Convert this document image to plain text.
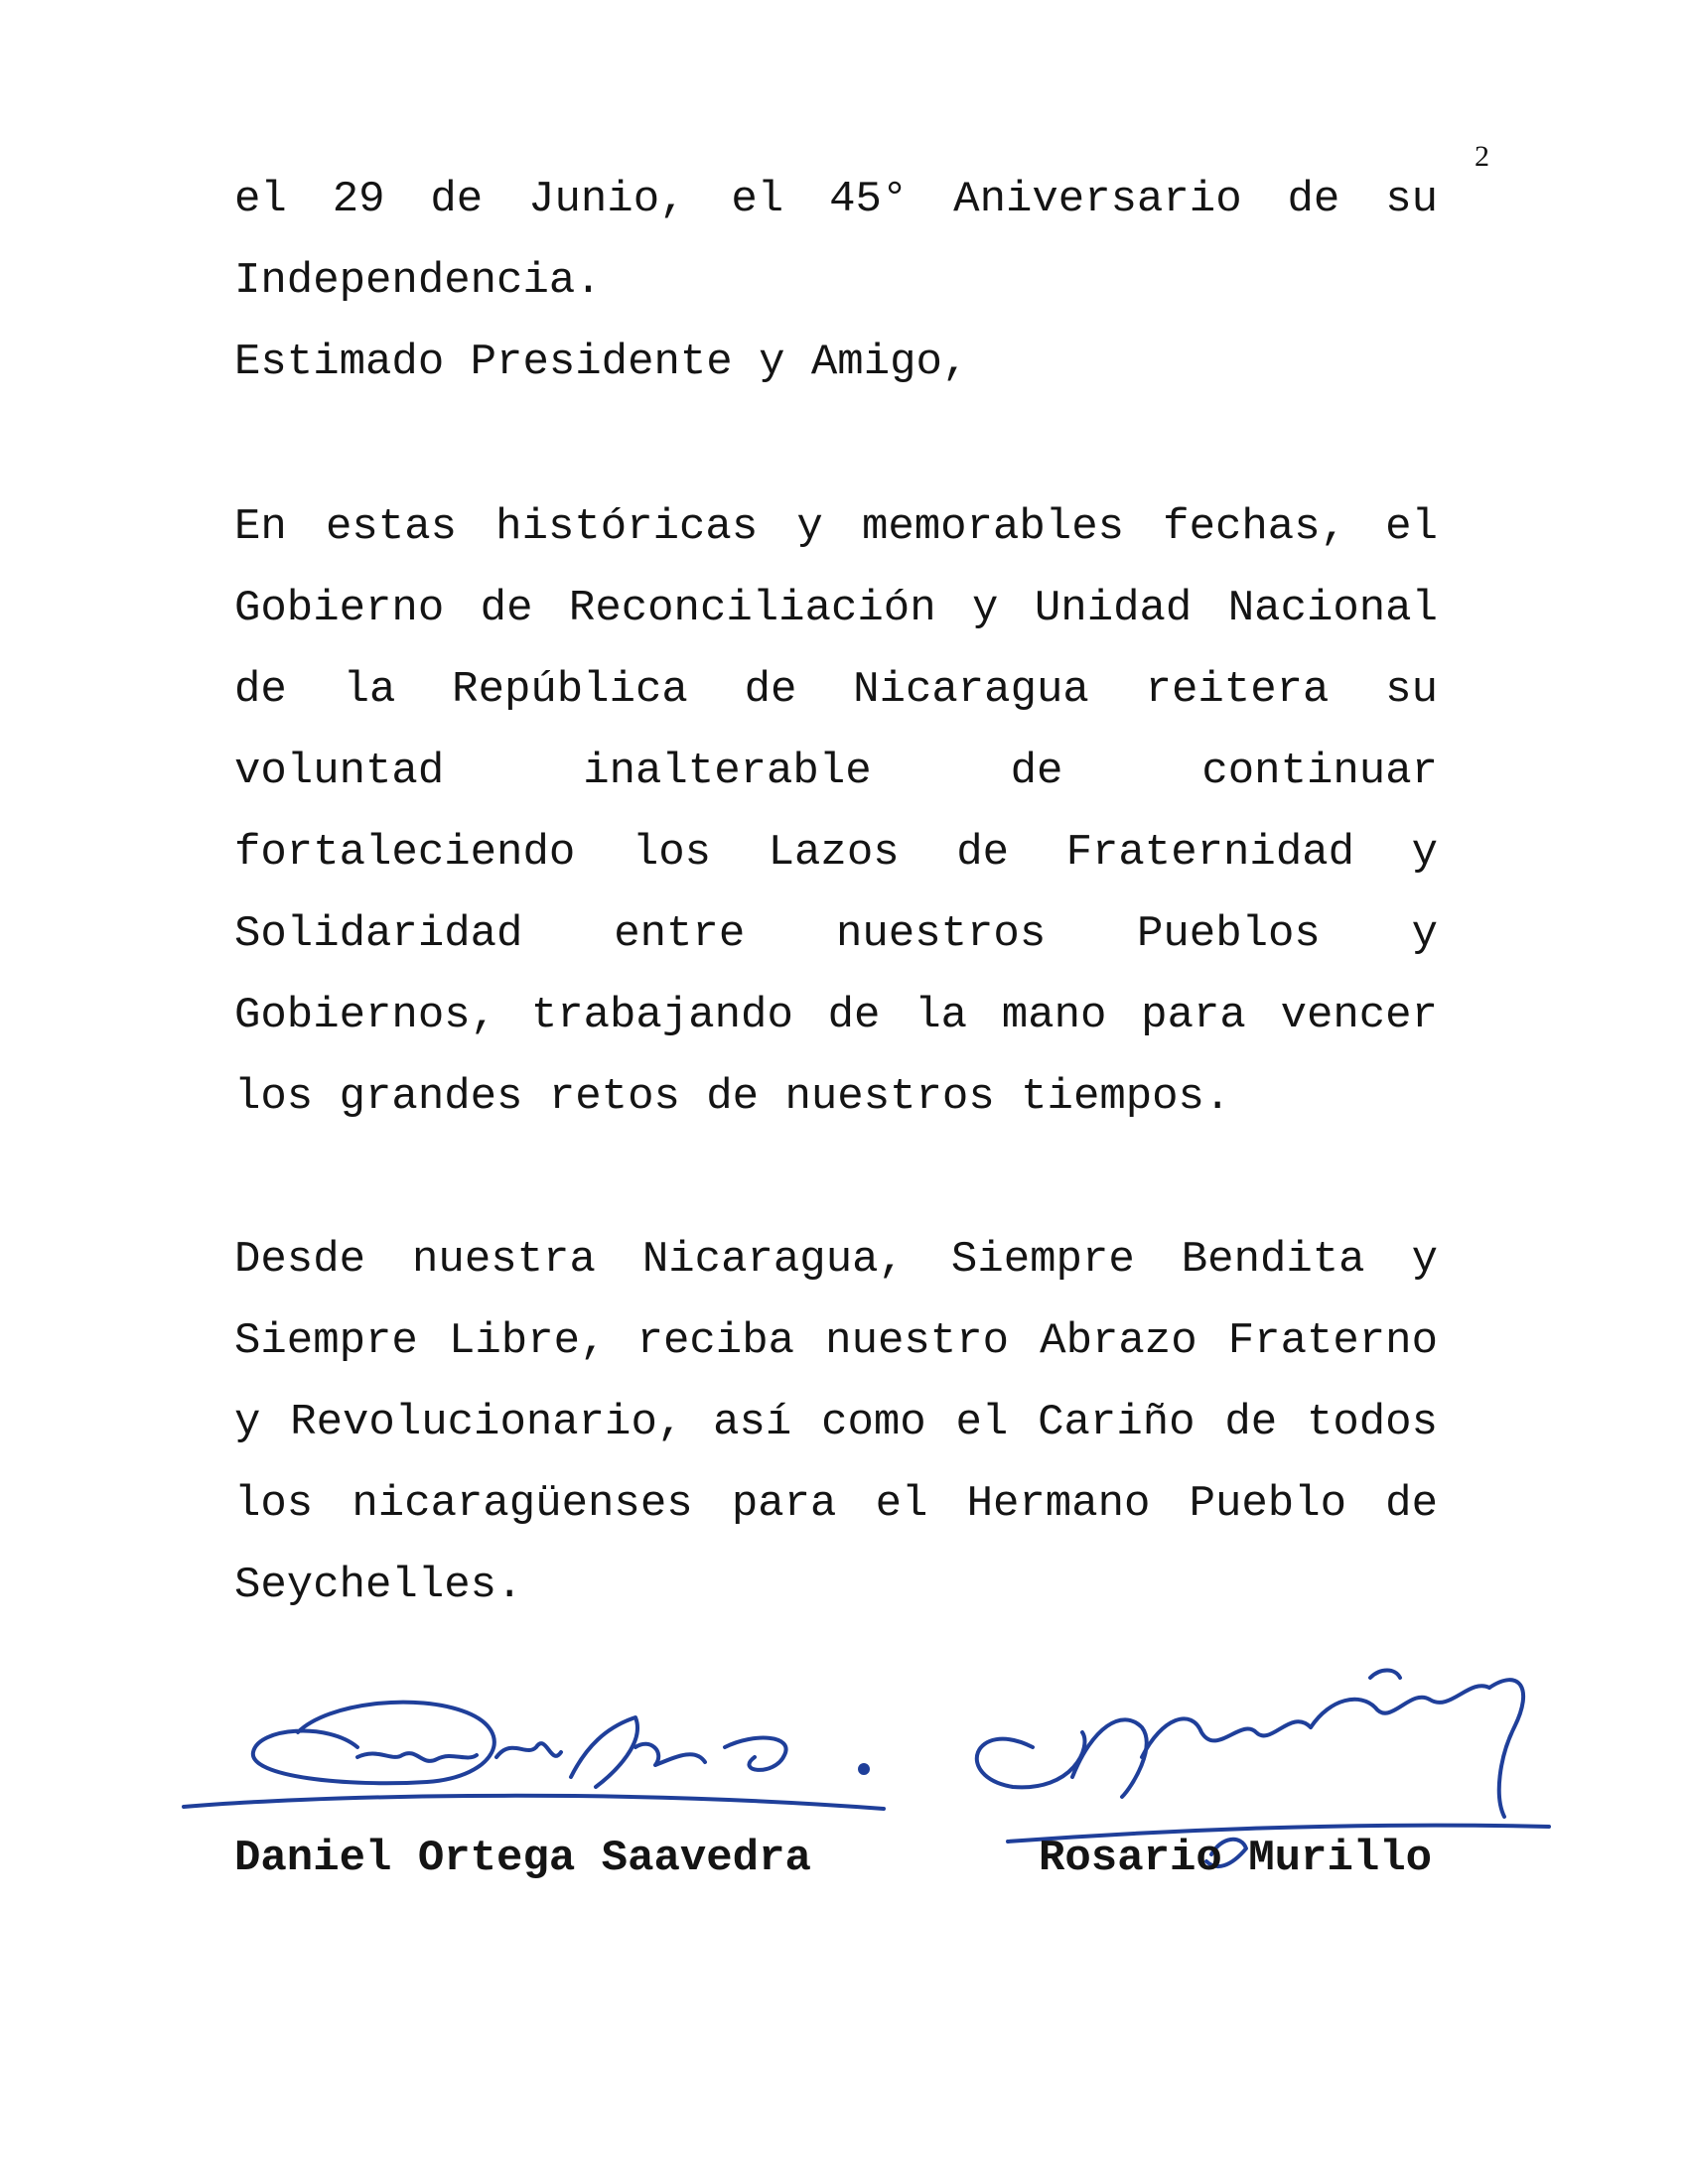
2

el 29 de Junio, el 45° Aniversario de su Independencia.

Estimado Presidente y Amigo,

En estas históricas y memorables fechas, el Gobierno de Reconciliación y Unidad Nacional de la República de Nicaragua reitera su voluntad inalterable de continuar fortaleciendo los Lazos de Fraternidad y Solidaridad entre nuestros Pueblos y Gobiernos, trabajando de la mano para vencer los grandes retos de nuestros tiempos.

Desde nuestra Nicaragua, Siempre Bendita y Siempre Libre, reciba nuestro Abrazo Fraterno y Revolucionario, así como el Cariño de todos los nicaragüenses para el Hermano Pueblo de Seychelles.

Daniel Ortega Saavedra	Rosario Murillo
